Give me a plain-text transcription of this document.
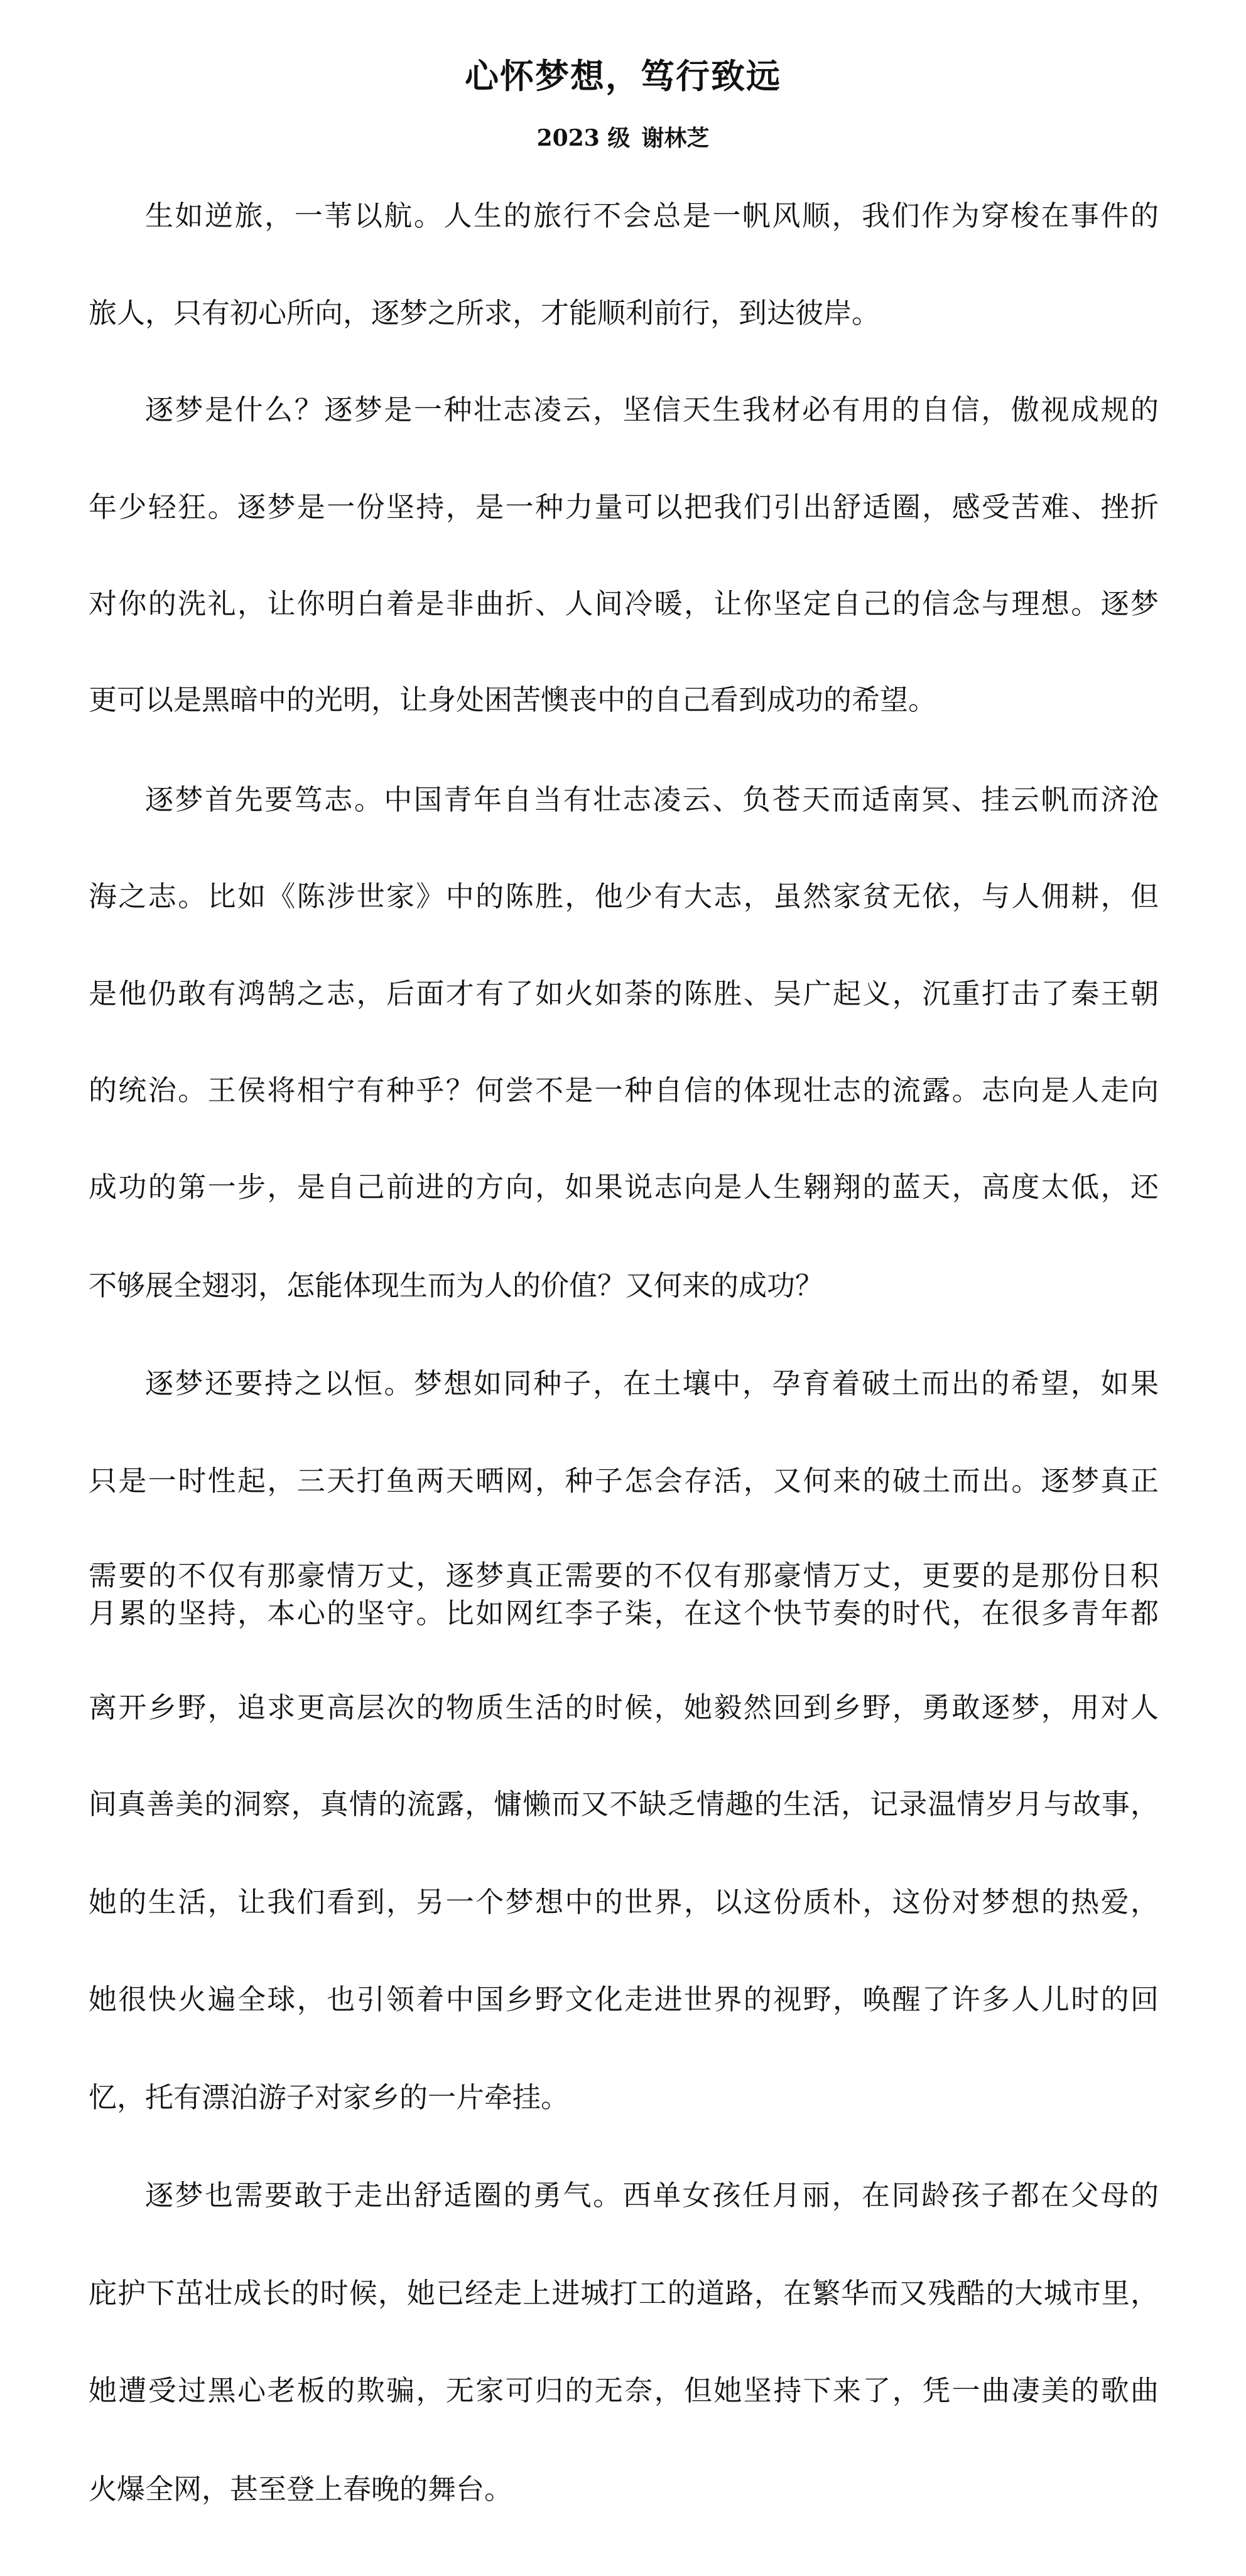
心怀梦想，笃行致远
2023 级 谢林芝
生如逆旅，一苇以航。人生的旅行不会总是一帆风顺，我们作为穿梭在事件的
旅人，只有初心所向，逐梦之所求，才能顺利前行，到达彼岸。
逐梦是什么？逐梦是一种壮志凌云，坚信天生我材必有用的自信，傲视成规的
年少轻狂。逐梦是一份坚持，是一种力量可以把我们引出舒适圈，感受苦难、挫折
对你的洗礼，让你明白着是非曲折、人间冷暖，让你坚定自己的信念与理想。逐梦
更可以是黑暗中的光明，让身处困苦懊丧中的自己看到成功的希望。
逐梦首先要笃志。中国青年自当有壮志凌云、负苍天而适南冥、挂云帆而济沧
海之志。比如《陈涉世家》中的陈胜，他少有大志，虽然家贫无依，与人佣耕，但
是他仍敢有鸿鹄之志，后面才有了如火如荼的陈胜、吴广起义，沉重打击了秦王朝
的统治。王侯将相宁有种乎？何尝不是一种自信的体现壮志的流露。志向是人走向
成功的第一步，是自己前进的方向，如果说志向是人生翱翔的蓝天，高度太低，还
不够展全翅羽，怎能体现生而为人的价值？又何来的成功？
逐梦还要持之以恒。梦想如同种子，在土壤中，孕育着破土而出的希望，如果
只是一时性起，三天打鱼两天晒网，种子怎会存活，又何来的破土而出。逐梦真正
需要的不仅有那豪情万丈，逐梦真正需要的不仅有那豪情万丈，更要的是那份日积
月累的坚持，本心的坚守。比如网红李子柒，在这个快节奏的时代，在很多青年都
离开乡野，追求更高层次的物质生活的时候，她毅然回到乡野，勇敢逐梦，用对人
间真善美的洞察，真情的流露，慵懒而又不缺乏情趣的生活，记录温情岁月与故事，
她的生活，让我们看到，另一个梦想中的世界，以这份质朴，这份对梦想的热爱，
她很快火遍全球，也引领着中国乡野文化走进世界的视野，唤醒了许多人儿时的回
忆，托有漂泊游子对家乡的一片牵挂。
逐梦也需要敢于走出舒适圈的勇气。西单女孩任月丽，在同龄孩子都在父母的
庇护下茁壮成长的时候，她已经走上进城打工的道路，在繁华而又残酷的大城市里，
她遭受过黑心老板的欺骗，无家可归的无奈，但她坚持下来了，凭一曲凄美的歌曲
火爆全网，甚至登上春晚的舞台。
